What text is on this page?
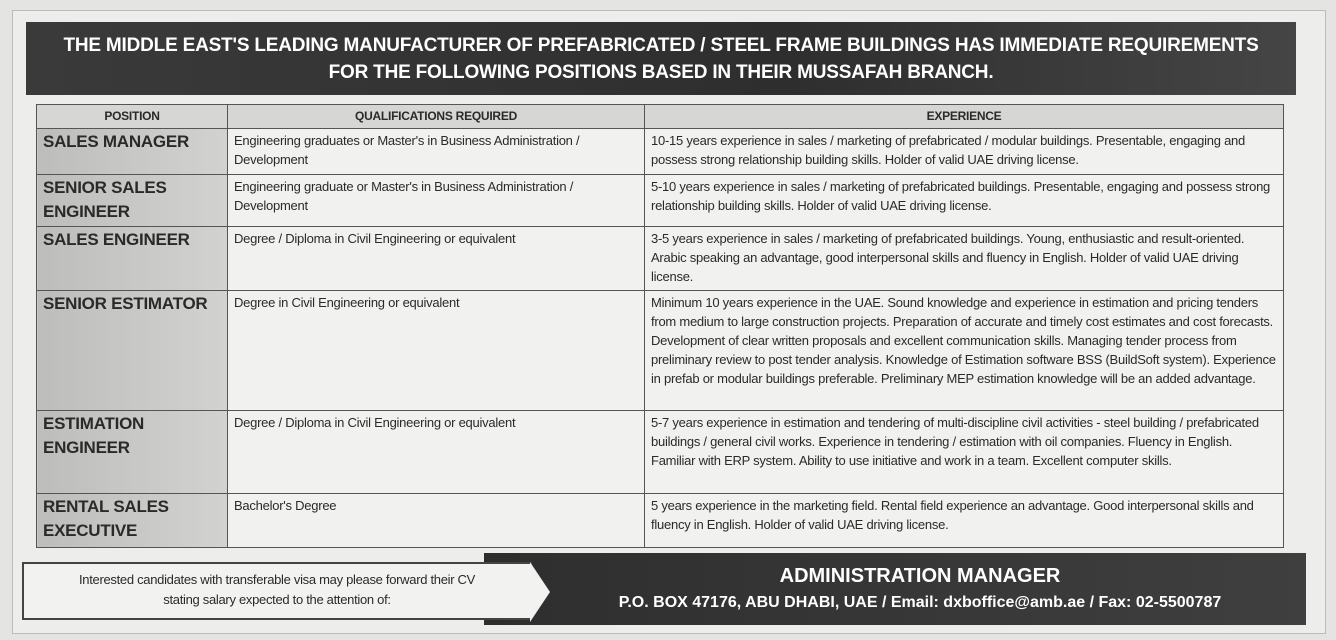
THE MIDDLE EAST'S LEADING MANUFACTURER OF PREFABRICATED / STEEL FRAME BUILDINGS HAS IMMEDIATE REQUIREMENTS
FOR THE FOLLOWING POSITIONS BASED IN THEIR MUSSAFAH BRANCH.
POSITION	QUALIFICATIONS REQUIRED	EXPERIENCE
SALES MANAGER	Engineering graduates or Master's in Business Administration / Development	10-15 years experience in sales / marketing of prefabricated / modular buildings. Presentable, engaging and possess strong relationship building skills. Holder of valid UAE driving license.
SENIOR SALES ENGINEER	Engineering graduate or Master's in Business Administration / Development	5-10 years experience in sales / marketing of prefabricated buildings. Presentable, engaging and possess strong relationship building skills. Holder of valid UAE driving license.
SALES ENGINEER	Degree / Diploma in Civil Engineering or equivalent	3-5 years experience in sales / marketing of prefabricated buildings. Young, enthusiastic and result-oriented. Arabic speaking an advantage, good interpersonal skills and fluency in English. Holder of valid UAE driving license.
SENIOR ESTIMATOR	Degree in Civil Engineering or equivalent	Minimum 10 years experience in the UAE. Sound knowledge and experience in estimation and pricing tenders from medium to large construction projects. Preparation of accurate and timely cost estimates and cost forecasts. Development of clear written proposals and excellent communication skills. Managing tender process from preliminary review to post tender analysis. Knowledge of Estimation software BSS (BuildSoft system). Experience in prefab or modular buildings preferable. Preliminary MEP estimation knowledge will be an added advantage.
ESTIMATION ENGINEER	Degree / Diploma in Civil Engineering or equivalent	5-7 years experience in estimation and tendering of multi-discipline civil activities - steel building / prefabricated buildings / general civil works. Experience in tendering / estimation with oil companies. Fluency in English. Familiar with ERP system. Ability to use initiative and work in a team. Excellent computer skills.
RENTAL SALES EXECUTIVE	Bachelor's Degree	5 years experience in the marketing field. Rental field experience an advantage. Good interpersonal skills and fluency in English. Holder of valid UAE driving license.
ADMINISTRATION MANAGER
P.O. BOX 47176, ABU DHABI, UAE / Email: dxboffice@amb.ae / Fax: 02-5500787
Interested candidates with transferable visa may please forward their CV
stating salary expected to the attention of:
